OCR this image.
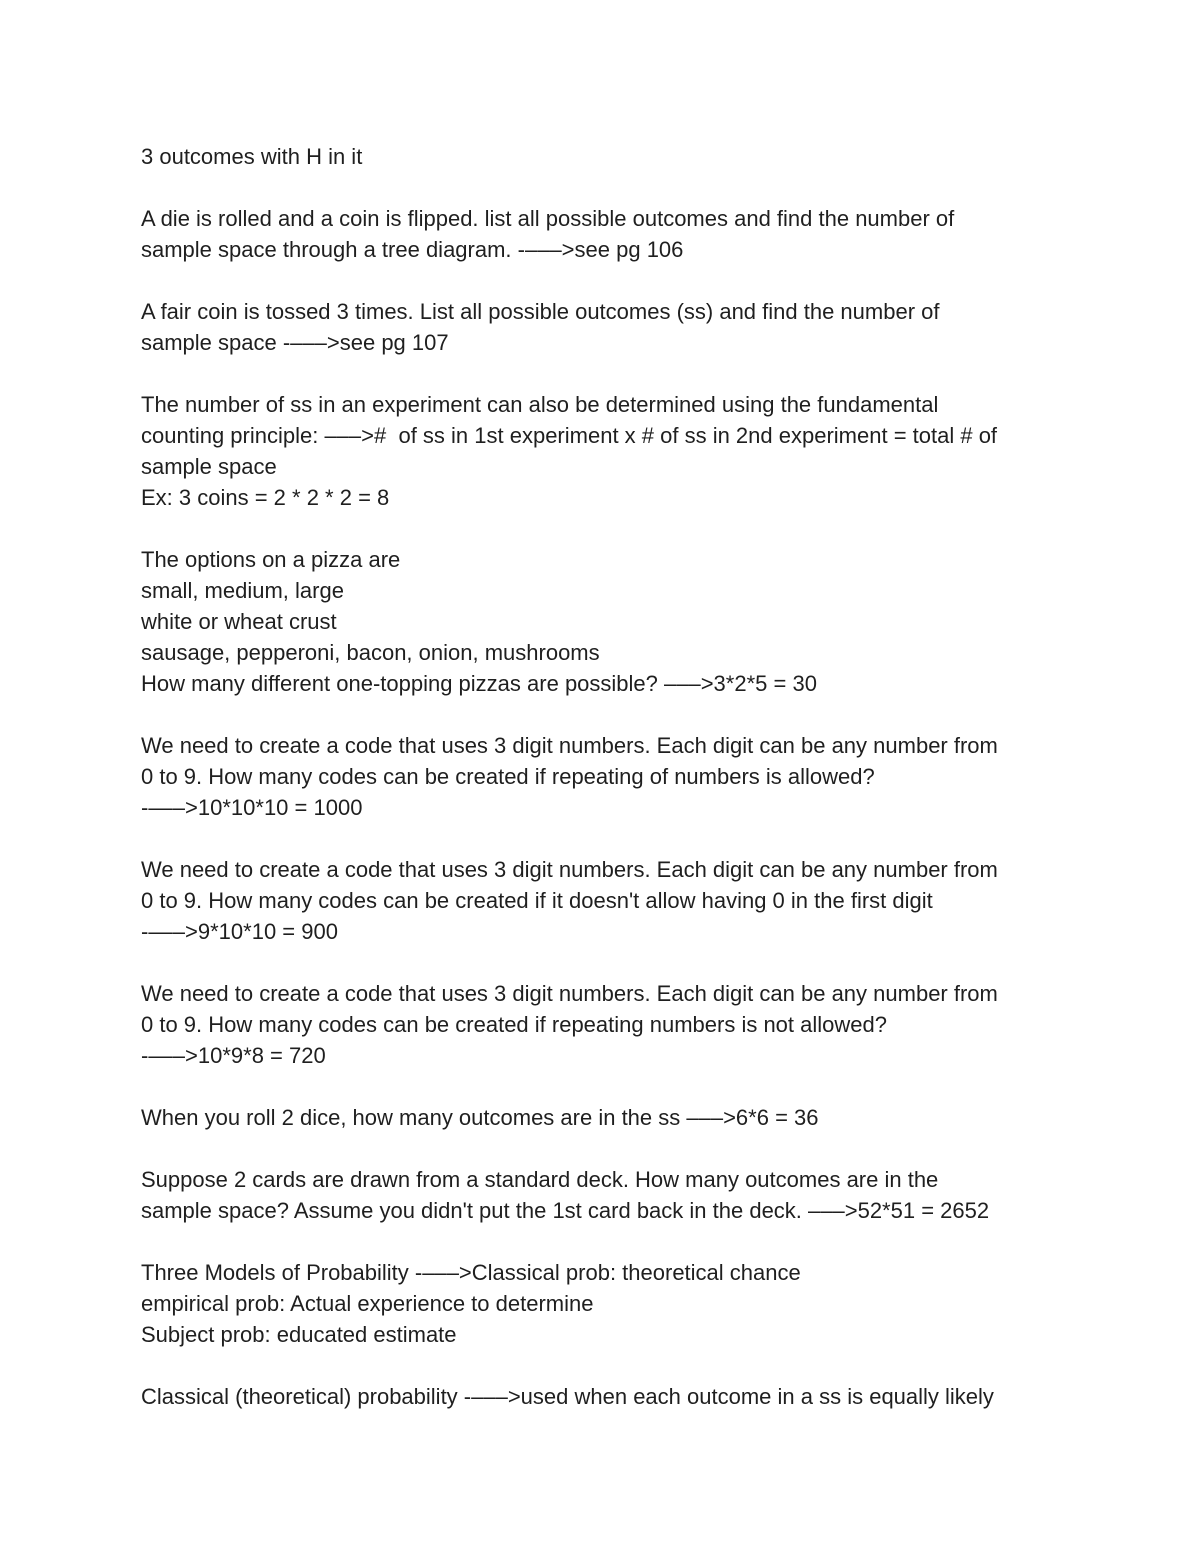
3 outcomes with H in it
A die is rolled and a coin is flipped. list all possible outcomes and find the number of
sample space through a tree diagram. -–––>see pg 106
A fair coin is tossed 3 times. List all possible outcomes (ss) and find the number of
sample space -–––>see pg 107
The number of ss in an experiment can also be determined using the fundamental
counting principle: –––>#  of ss in 1st experiment x # of ss in 2nd experiment = total # of
sample space
Ex: 3 coins = 2 * 2 * 2 = 8
The options on a pizza are
small, medium, large
white or wheat crust
sausage, pepperoni, bacon, onion, mushrooms
How many different one-topping pizzas are possible? –––>3*2*5 = 30
We need to create a code that uses 3 digit numbers. Each digit can be any number from
0 to 9. How many codes can be created if repeating of numbers is allowed?
-–––>10*10*10 = 1000
We need to create a code that uses 3 digit numbers. Each digit can be any number from
0 to 9. How many codes can be created if it doesn't allow having 0 in the first digit
-–––>9*10*10 = 900
We need to create a code that uses 3 digit numbers. Each digit can be any number from
0 to 9. How many codes can be created if repeating numbers is not allowed?
-–––>10*9*8 = 720
When you roll 2 dice, how many outcomes are in the ss –––>6*6 = 36
Suppose 2 cards are drawn from a standard deck. How many outcomes are in the
sample space? Assume you didn't put the 1st card back in the deck. –––>52*51 = 2652
Three Models of Probability -–––>Classical prob: theoretical chance
empirical prob: Actual experience to determine
Subject prob: educated estimate
Classical (theoretical) probability -–––>used when each outcome in a ss is equally likely
